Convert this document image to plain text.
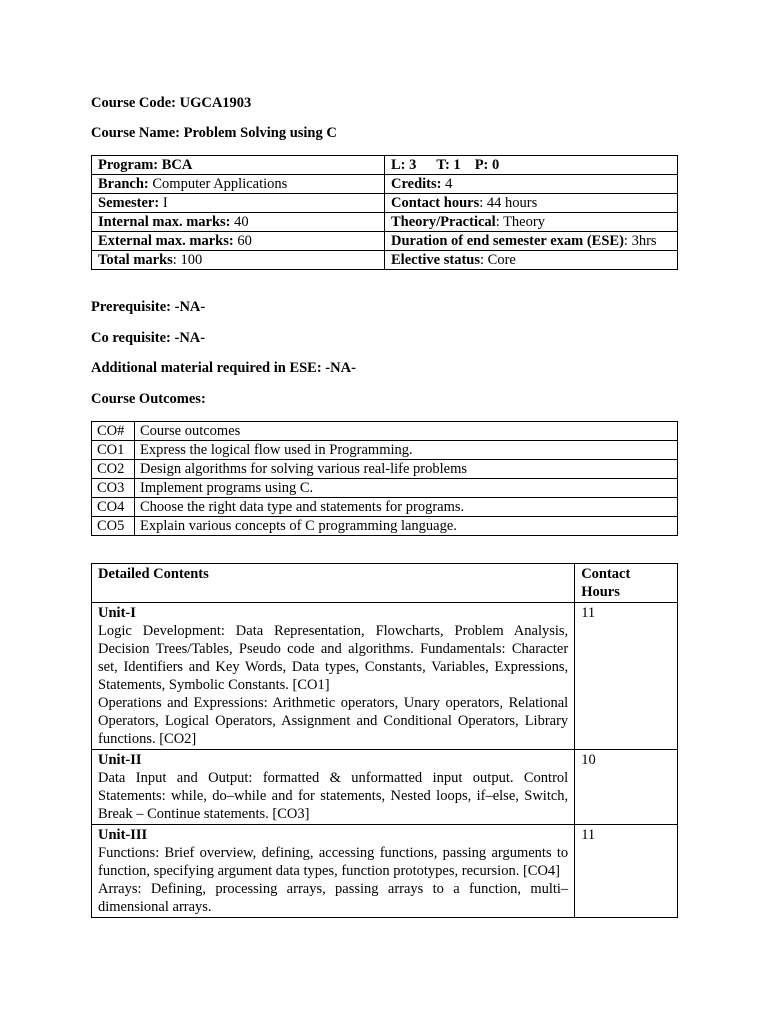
Course Code: UGCA1903
Course Name: Problem Solving using C
Program: BCA	L: 3 T: 1 P: 0
Branch: Computer Applications	Credits: 4
Semester: I	Contact hours: 44 hours
Internal max. marks: 40	Theory/Practical: Theory
External max. marks: 60	Duration of end semester exam (ESE): 3hrs
Total marks: 100	Elective status: Core
Prerequisite: -NA-
Co requisite: -NA-
Additional material required in ESE: -NA-
Course Outcomes:
CO#	Course outcomes
CO1	Express the logical flow used in Programming.
CO2	Design algorithms for solving various real-life problems
CO3	Implement programs using C.
CO4	Choose the right data type and statements for programs.
CO5	Explain various concepts of C programming language.
Detailed Contents	Contact Hours

Unit-I
Logic Development: Data Representation, Flowcharts, Problem Analysis, Decision Trees/Tables, Pseudo code and algorithms. Fundamentals: Character set, Identifiers and Key Words, Data types, Constants, Variables, Expressions, Statements, Symbolic Constants. [CO1]
Operations and Expressions: Arithmetic operators, Unary operators, Relational Operators, Logical Operators, Assignment and Conditional Operators, Library functions. [CO2]	11

Unit-II
Data Input and Output: formatted & unformatted input output. Control Statements: while, do–while and for statements, Nested loops, if–else, Switch, Break – Continue statements. [CO3]	10

Unit-III
Functions: Brief overview, defining, accessing functions, passing arguments to function, specifying argument data types, function prototypes, recursion. [CO4]
Arrays: Defining, processing arrays, passing arrays to a function, multi–dimensional arrays.	11
